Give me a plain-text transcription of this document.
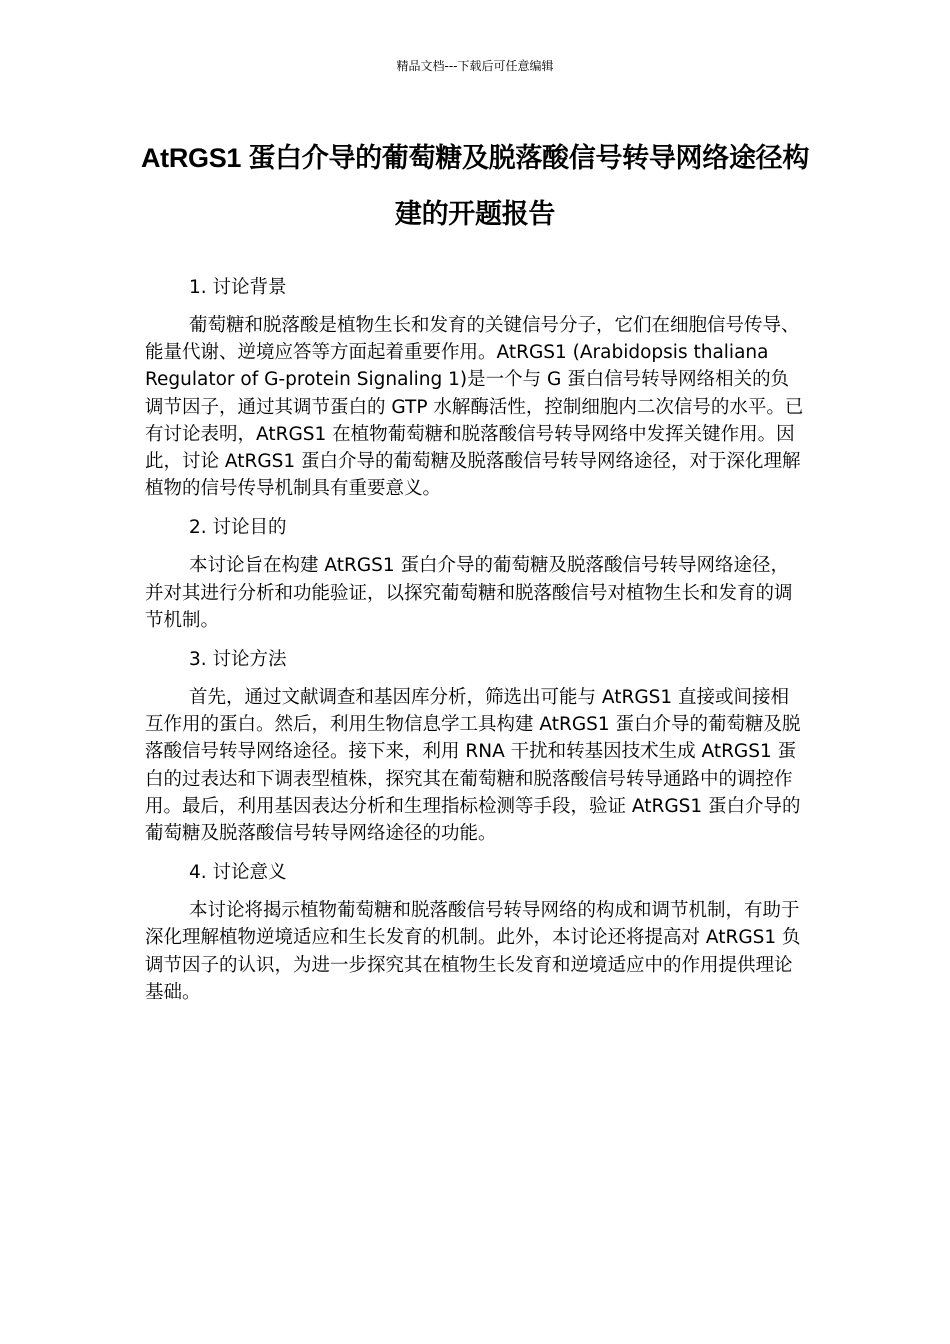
精品文档---下载后可任意编辑
AtRGS1 蛋白介导的葡萄糖及脱落酸信号转导网络途径构建的开题报告
1. 讨论背景

葡萄糖和脱落酸是植物生长和发育的关键信号分子，它们在细胞信号传导、能量代谢、逆境应答等方面起着重要作用。AtRGS1 (Arabidopsis thaliana Regulator of G-protein Signaling 1)是一个与 G 蛋白信号转导网络相关的负调节因子，通过其调节蛋白的 GTP 水解酶活性，控制细胞内二次信号的水平。已有讨论表明，AtRGS1 在植物葡萄糖和脱落酸信号转导网络中发挥关键作用。因此，讨论 AtRGS1 蛋白介导的葡萄糖及脱落酸信号转导网络途径，对于深化理解植物的信号传导机制具有重要意义。

2. 讨论目的

本讨论旨在构建 AtRGS1 蛋白介导的葡萄糖及脱落酸信号转导网络途径，并对其进行分析和功能验证，以探究葡萄糖和脱落酸信号对植物生长和发育的调节机制。

3. 讨论方法

首先，通过文献调查和基因库分析，筛选出可能与 AtRGS1 直接或间接相互作用的蛋白。然后，利用生物信息学工具构建 AtRGS1 蛋白介导的葡萄糖及脱落酸信号转导网络途径。接下来，利用 RNA 干扰和转基因技术生成 AtRGS1 蛋白的过表达和下调表型植株，探究其在葡萄糖和脱落酸信号转导通路中的调控作用。最后，利用基因表达分析和生理指标检测等手段，验证 AtRGS1 蛋白介导的葡萄糖及脱落酸信号转导网络途径的功能。

4. 讨论意义

本讨论将揭示植物葡萄糖和脱落酸信号转导网络的构成和调节机制，有助于深化理解植物逆境适应和生长发育的机制。此外，本讨论还将提高对 AtRGS1 负调节因子的认识，为进一步探究其在植物生长发育和逆境适应中的作用提供理论基础。
